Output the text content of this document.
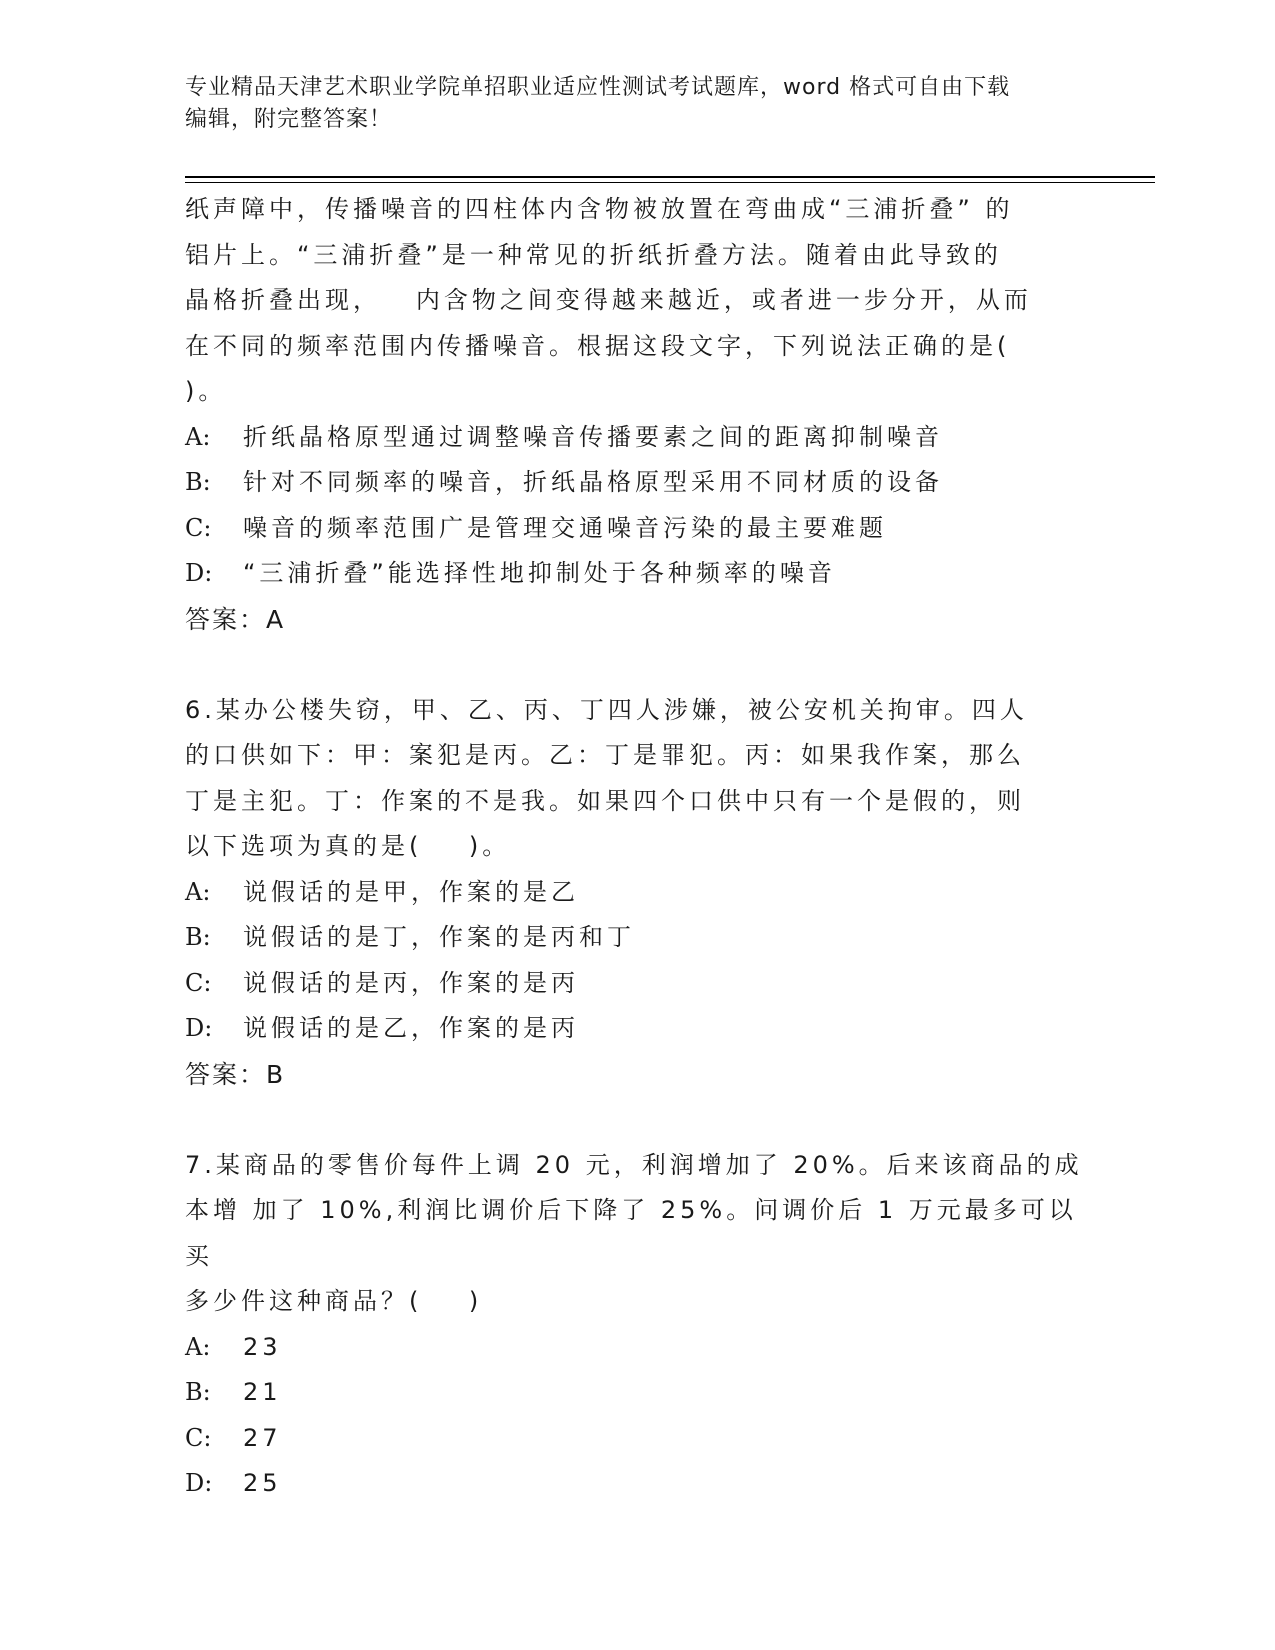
专业精品天津艺术职业学院单招职业适应性测试考试题库，word 格式可自由下载
编辑，附完整答案！

纸声障中，传播噪音的四柱体内含物被放置在弯曲成“三浦折叠” 的

铝片上。“三浦折叠”是一种常见的折纸折叠方法。随着由此导致的

晶格折叠出现，   内含物之间变得越来越近，或者进一步分开，从而

在不同的频率范围内传播噪音。根据这段文字，下列说法正确的是(

)。

A: 折纸晶格原型通过调整噪音传播要素之间的距离抑制噪音

B: 针对不同频率的噪音，折纸晶格原型采用不同材质的设备

C: 噪音的频率范围广是管理交通噪音污染的最主要难题

D: “三浦折叠”能选择性地抑制处于各种频率的噪音

答案：A

6.某办公楼失窃，甲、乙、丙、丁四人涉嫌，被公安机关拘审。四人

的口供如下：甲：案犯是丙。乙：丁是罪犯。丙：如果我作案，那么

丁是主犯。丁：作案的不是我。如果四个口供中只有一个是假的，则

以下选项为真的是(    )。

A: 说假话的是甲，作案的是乙

B: 说假话的是丁，作案的是丙和丁

C: 说假话的是丙，作案的是丙

D: 说假话的是乙，作案的是丙

答案：B

7.某商品的零售价每件上调 20 元，利润增加了 20%。后来该商品的成

本增 加了 10%,利润比调价后下降了 25%。问调价后 1 万元最多可以买

多少件这种商品？(    )

A: 23

B: 21

C: 27

D: 25
